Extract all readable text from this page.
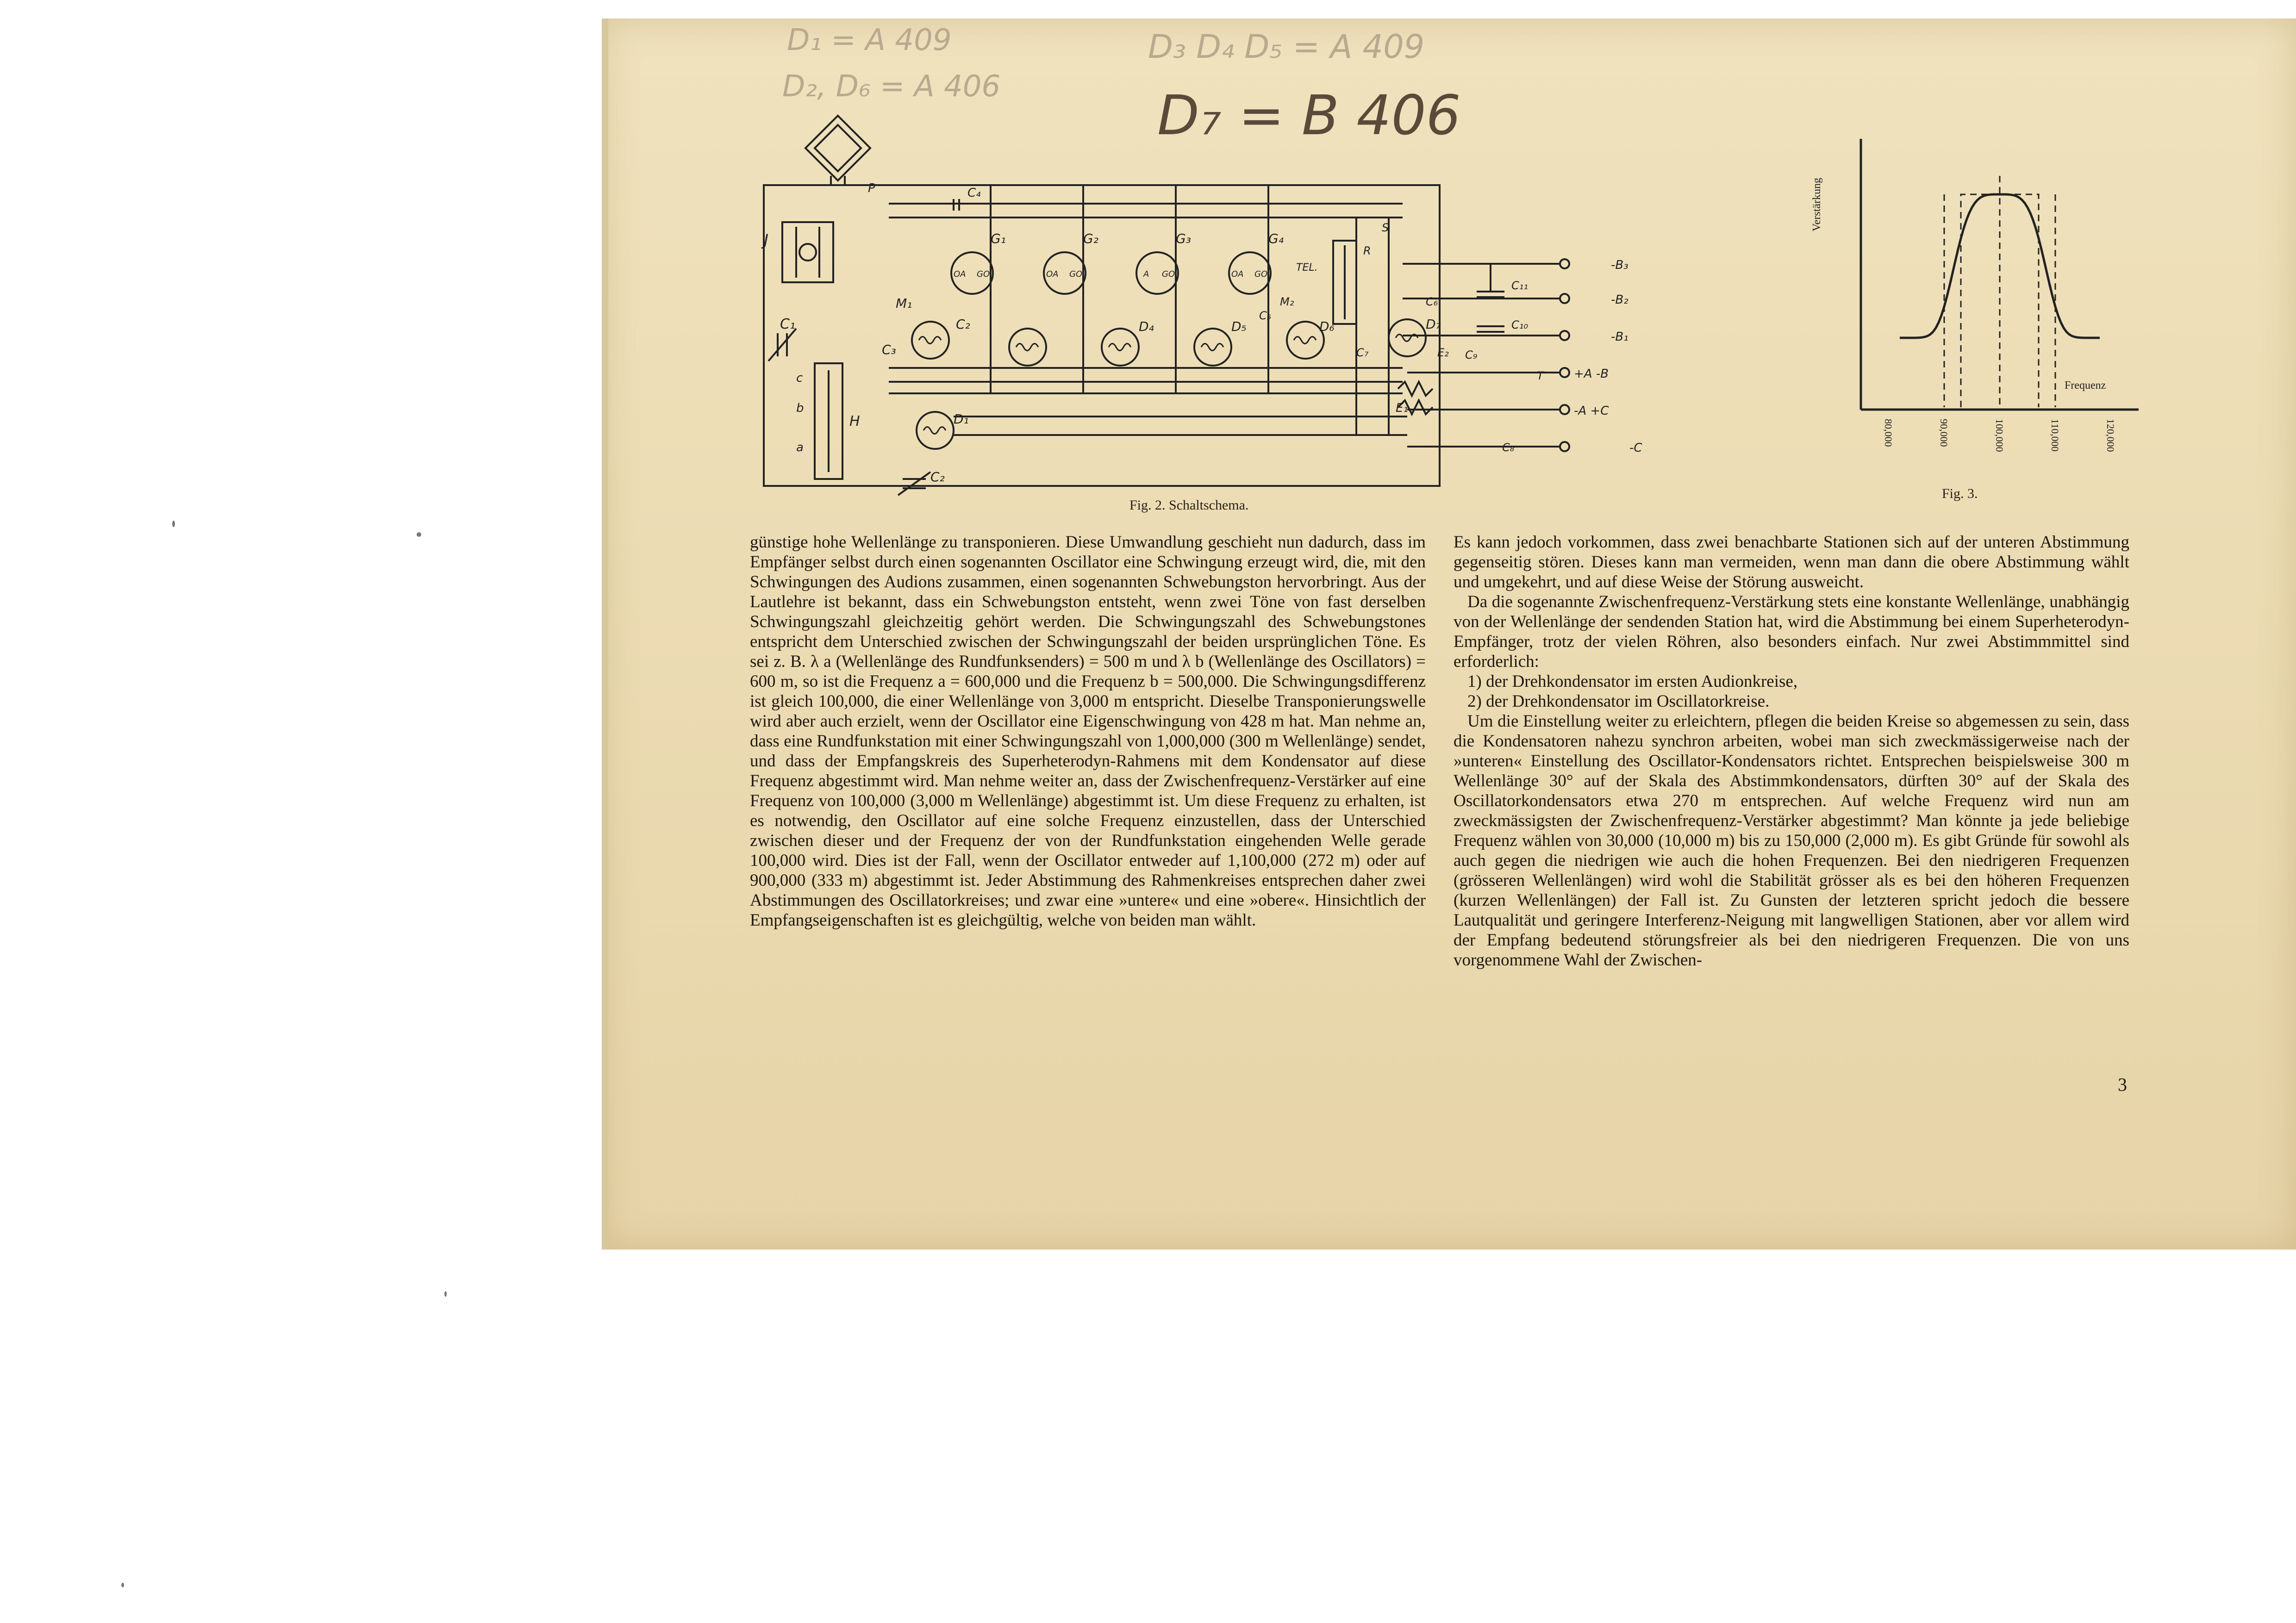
D₁ = A 409
D₂, D₆ = A 406
D₃ D₄ D₅ = A 409
D₇ = B 406
J
P	C₄
C₁
M₁
C₃
C₂
G₁	G₂	G₃	G₄
D₁
D₄	D₅	D₆	D₇
H
a
b
c
C₂
M₂
C₅
C₆
C₇
C₈
C₉
C₁₀
C₁₁
E₁
E₂
T
TEL.
R
S
OA GO	OA GO	A GO	OA GO
-B₃
-B₂
-B₁
+A -B
-A +C
-C
Fig. 2. Schaltschema.
Verstärkung
Frequenz
80,000	90,000	100,000	110,000	120,000
Fig. 3.

günstige hohe Wellenlänge zu transponieren. Diese Umwandlung geschieht nun dadurch, dass im Empfänger selbst durch einen sogenannten Oscillator eine Schwingung erzeugt wird, die, mit den Schwingungen des Audions zusammen, einen sogenannten Schwebungston hervorbringt. Aus der Lautlehre ist bekannt, dass ein Schwebungston entsteht, wenn zwei Töne von fast derselben Schwingungszahl gleichzeitig gehört werden. Die Schwingungszahl des Schwebungstones entspricht dem Unterschied zwischen der Schwingungszahl der beiden ursprünglichen Töne. Es sei z. B. λ a (Wellenlänge des Rundfunksenders) = 500 m und λ b (Wellenlänge des Oscillators) = 600 m, so ist die Frequenz a = 600,000 und die Frequenz b = 500,000. Die Schwingungsdifferenz ist gleich 100,000, die einer Wellenlänge von 3,000 m entspricht. Dieselbe Transponierungswelle wird aber auch erzielt, wenn der Oscillator eine Eigenschwingung von 428 m hat. Man nehme an, dass eine Rundfunkstation mit einer Schwingungszahl von 1,000,000 (300 m Wellenlänge) sendet, und dass der Empfangskreis des Superheterodyn-Rahmens mit dem Kondensator auf diese Frequenz abgestimmt wird. Man nehme weiter an, dass der Zwischenfrequenz-Verstärker auf eine Frequenz von 100,000 (3,000 m Wellenlänge) abgestimmt ist. Um diese Frequenz zu erhalten, ist es notwendig, den Oscillator auf eine solche Frequenz einzustellen, dass der Unterschied zwischen dieser und der Frequenz der von der Rundfunkstation eingehenden Welle gerade 100,000 wird. Dies ist der Fall, wenn der Oscillator entweder auf 1,100,000 (272 m) oder auf 900,000 (333 m) abgestimmt ist. Jeder Abstimmung des Rahmenkreises entsprechen daher zwei Abstimmungen des Oscillatorkreises; und zwar eine »untere« und eine »obere«. Hinsichtlich der Empfangseigenschaften ist es gleichgültig, welche von beiden man wählt.

Es kann jedoch vorkommen, dass zwei benachbarte Stationen sich auf der unteren Abstimmung gegenseitig stören. Dieses kann man vermeiden, wenn man dann die obere Abstimmung wählt und umgekehrt, und auf diese Weise der Störung ausweicht.

Da die sogenannte Zwischenfrequenz-Verstärkung stets eine konstante Wellenlänge, unabhängig von der Wellenlänge der sendenden Station hat, wird die Abstimmung bei einem Superheterodyn-Empfänger, trotz der vielen Röhren, also besonders einfach. Nur zwei Abstimmmittel sind erforderlich:

1) der Drehkondensator im ersten Audionkreise,

2) der Drehkondensator im Oscillatorkreise.

Um die Einstellung weiter zu erleichtern, pflegen die beiden Kreise so abgemessen zu sein, dass die Kondensatoren nahezu synchron arbeiten, wobei man sich zweckmässigerweise nach der »unteren« Einstellung des Oscillator-Kondensators richtet. Entsprechen beispielsweise 300 m Wellenlänge 30° auf der Skala des Abstimmkondensators, dürften 30° auf der Skala des Oscillatorkondensators etwa 270 m entsprechen. Auf welche Frequenz wird nun am zweckmässigsten der Zwischenfrequenz-Verstärker abgestimmt? Man könnte ja jede beliebige Frequenz wählen von 30,000 (10,000 m) bis zu 150,000 (2,000 m). Es gibt Gründe für sowohl als auch gegen die niedrigen wie auch die hohen Frequenzen. Bei den niedrigeren Frequenzen (grösseren Wellenlängen) wird wohl die Stabilität grösser als es bei den höheren Frequenzen (kurzen Wellenlängen) der Fall ist. Zu Gunsten der letzteren spricht jedoch die bessere Lautqualität und geringere Interferenz-Neigung mit langwelligen Stationen, aber vor allem wird der Empfang bedeutend störungsfreier als bei den niedrigeren Frequenzen. Die von uns vorgenommene Wahl der Zwischen-

3
